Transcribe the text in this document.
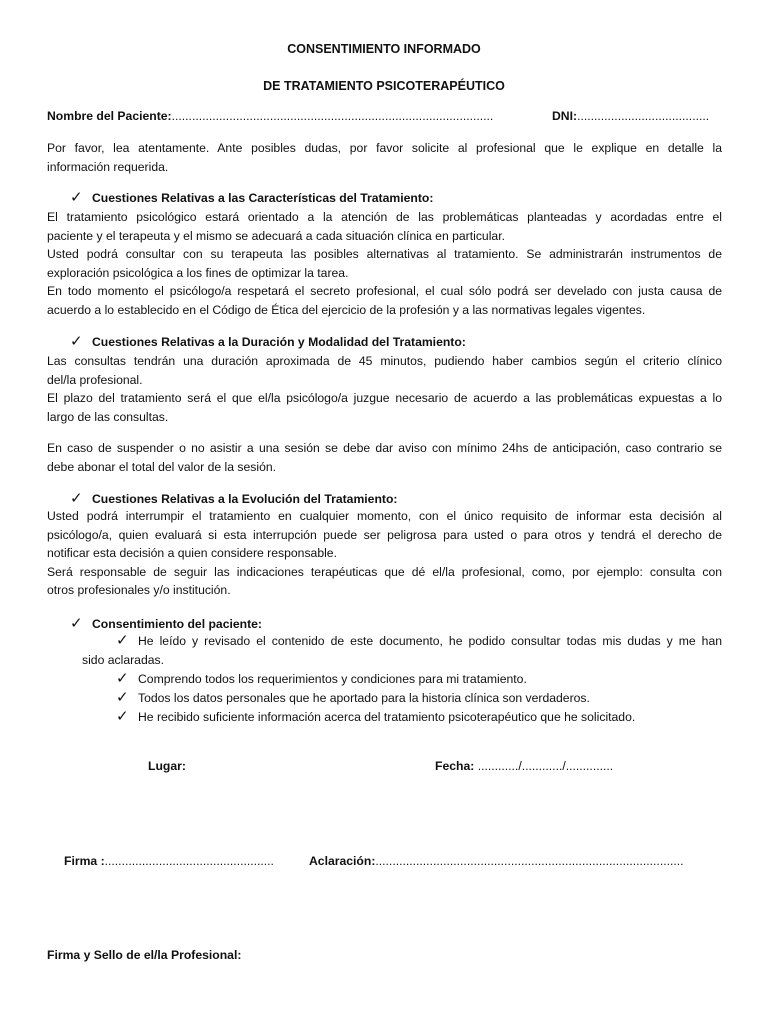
CONSENTIMIENTO INFORMADO
DE TRATAMIENTO PSICOTERAPÉUTICO
Nombre del Paciente:...............................................................................................	DNI:.......................................

Por favor, lea atentamente. Ante posibles dudas, por favor solicite al profesional que le explique en detalle la

información requerida.

✓ Cuestiones Relativas a las Características del Tratamiento:

El tratamiento psicológico estará orientado a la atención de las problemáticas planteadas y acordadas entre el

paciente y el terapeuta y el mismo se adecuará a cada situación clínica en particular.

Usted podrá consultar con su terapeuta las posibles alternativas al tratamiento. Se administrarán instrumentos de

exploración psicológica a los fines de optimizar la tarea.

En todo momento el psicólogo/a respetará el secreto profesional, el cual sólo podrá ser develado con justa causa de

acuerdo a lo establecido en el Código de Ética del ejercicio de la profesión y a las normativas legales vigentes.

✓ Cuestiones Relativas a la Duración y Modalidad del Tratamiento:

Las consultas tendrán una duración aproximada de 45 minutos, pudiendo haber cambios según el criterio clínico

del/la profesional.

El plazo del tratamiento será el que el/la psicólogo/a juzgue necesario de acuerdo a las problemáticas expuestas a lo

largo de las consultas.

En caso de suspender o no asistir a una sesión se debe dar aviso con mínimo 24hs de anticipación, caso contrario se

debe abonar el total del valor de la sesión.

✓ Cuestiones Relativas a la Evolución del Tratamiento:

Usted podrá interrumpir el tratamiento en cualquier momento, con el único requisito de informar esta decisión al

psicólogo/a, quien evaluará si esta interrupción puede ser peligrosa para usted o para otros y tendrá el derecho de

notificar esta decisión a quien considere responsable.

Será responsable de seguir las indicaciones terapéuticas que dé el/la profesional, como, por ejemplo: consulta con

otros profesionales y/o institución.

✓ Consentimiento del paciente:

✓ He leído y revisado el contenido de este documento, he podido consultar todas mis dudas y me han

sido aclaradas.

✓ Comprendo todos los requerimientos y condiciones para mi tratamiento.
✓ Todos los datos personales que he aportado para la historia clínica son verdaderos.
✓ He recibido suficiente información acerca del tratamiento psicoterapéutico que he solicitado.
Lugar:	Fecha: ............/............/..............
Firma :..................................................	Aclaración:...........................................................................................
Firma y Sello de el/la Profesional:
